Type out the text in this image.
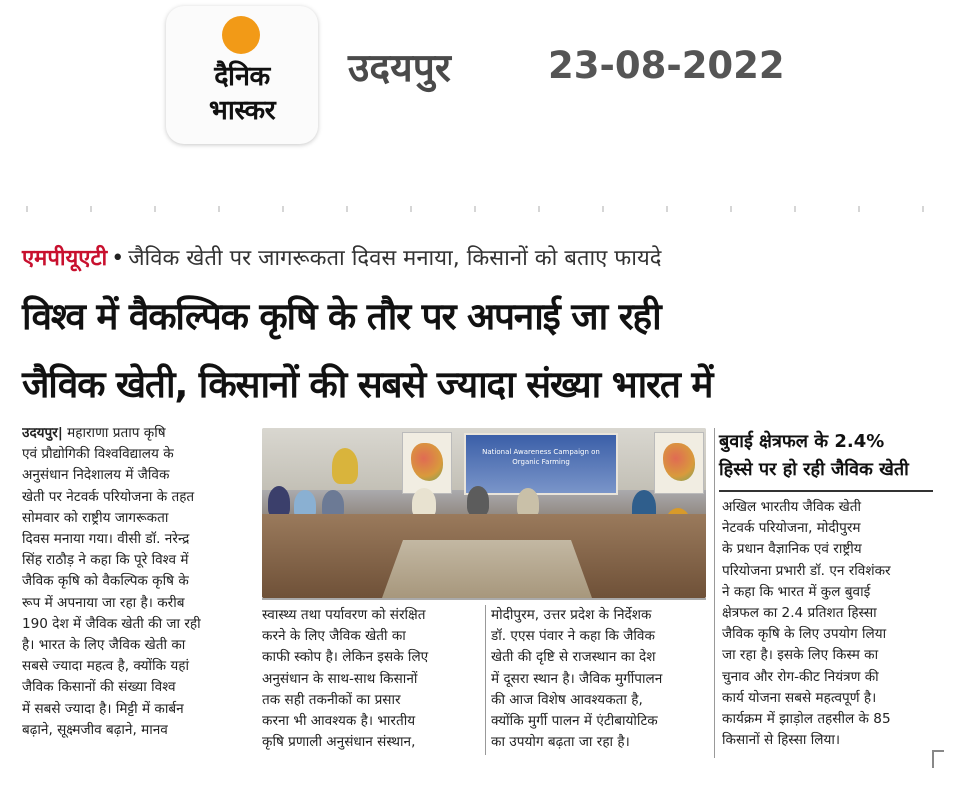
दैनिक
भास्कर
उदयपुर	23-08-2022
एमपीयूएटी • जैविक खेती पर जागरूकता दिवस मनाया, किसानों को बताए फायदे
विश्व में वैकल्पिक कृषि के तौर पर अपनाई जा रही
जैविक खेती, किसानों की सबसे ज्यादा संख्या भारत में
उदयपुर| महाराणा प्रताप कृषि
एवं प्रौद्योगिकी विश्वविद्यालय के
अनुसंधान निदेशालय में जैविक
खेती पर नेटवर्क परियोजना के तहत
सोमवार को राष्ट्रीय जागरूकता
दिवस मनाया गया। वीसी डॉ. नरेन्द्र
सिंह राठौड़ ने कहा कि पूरे विश्व में
जैविक कृषि को वैकल्पिक कृषि के
रूप में अपनाया जा रहा है। करीब
190 देश में जैविक खेती की जा रही
है। भारत के लिए जैविक खेती का
सबसे ज्यादा महत्व है, क्योंकि यहां
जैविक किसानों की संख्या विश्व
में सबसे ज्यादा है। मिट्टी में कार्बन
बढ़ाने, सूक्ष्मजीव बढ़ाने, मानव
National Awareness Campaign on Organic Farming
स्वास्थ्य तथा पर्यावरण को संरक्षित
करने के लिए जैविक खेती का
काफी स्कोप है। लेकिन इसके लिए
अनुसंधान के साथ-साथ किसानों
तक सही तकनीकों का प्रसार
करना भी आवश्यक है। भारतीय
कृषि प्रणाली अनुसंधान संस्थान,
मोदीपुरम, उत्तर प्रदेश के निर्देशक
डॉ. एएस पंवार ने कहा कि जैविक
खेती की दृष्टि से राजस्थान का देश
में दूसरा स्थान है। जैविक मुर्गीपालन
की आज विशेष आवश्यकता है,
क्योंकि मुर्गी पालन में एंटीबायोटिक
का उपयोग बढ़ता जा रहा है।
बुवाई क्षेत्रफल के 2.4%
हिस्से पर हो रही जैविक खेती
अखिल भारतीय जैविक खेती
नेटवर्क परियोजना, मोदीपुरम
के प्रधान वैज्ञानिक एवं राष्ट्रीय
परियोजना प्रभारी डॉ. एन रविशंकर
ने कहा कि भारत में कुल बुवाई
क्षेत्रफल का 2.4 प्रतिशत हिस्सा
जैविक कृषि के लिए उपयोग लिया
जा रहा है। इसके लिए किस्म का
चुनाव और रोग-कीट नियंत्रण की
कार्य योजना सबसे महत्वपूर्ण है।
कार्यक्रम में झाड़ोल तहसील के 85
किसानों से हिस्सा लिया।
